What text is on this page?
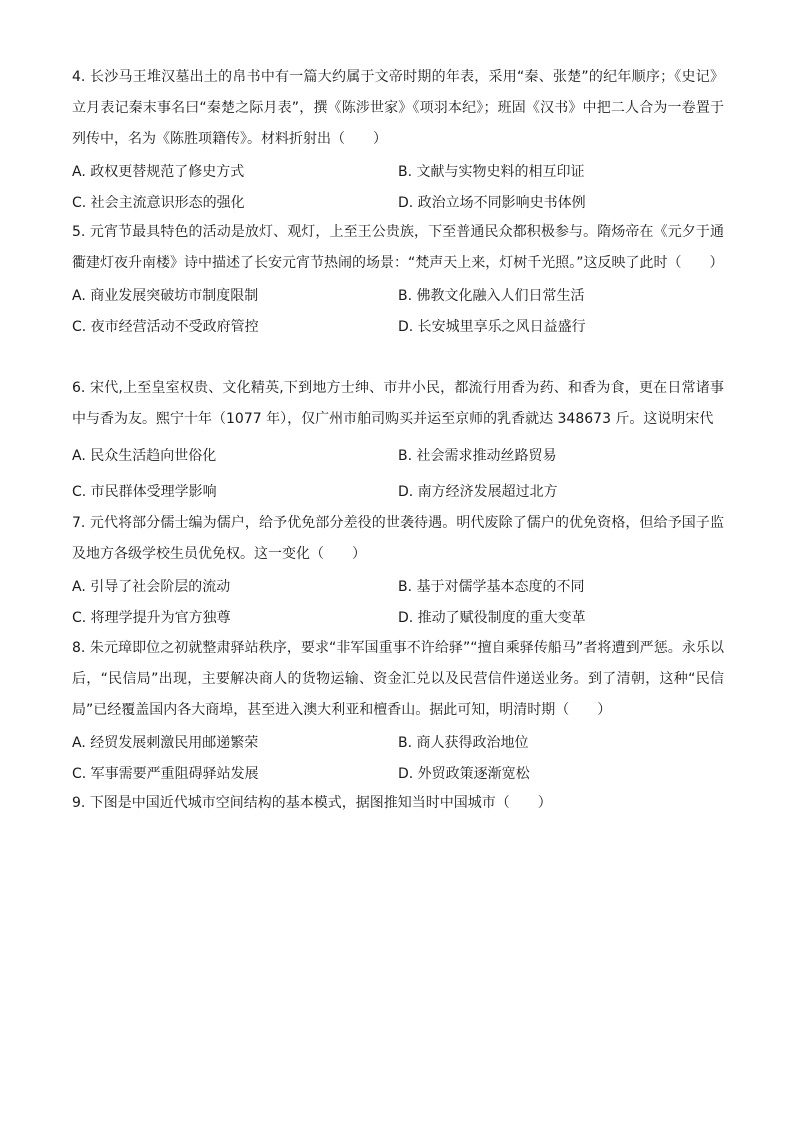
4. 长沙马王堆汉墓出土的帛书中有一篇大约属于文帝时期的年表，采用“秦、张楚”的纪年顺序；《史记》立月表记秦末事名曰“秦楚之际月表”，撰《陈涉世家》《项羽本纪》；班固《汉书》中把二人合为一卷置于列传中，名为《陈胜项籍传》。材料折射出（　　）

A. 政权更替规范了修史方式	B. 文献与实物史料的相互印证
C. 社会主流意识形态的强化	D. 政治立场不同影响史书体例

5. 元宵节最具特色的活动是放灯、观灯，上至王公贵族，下至普通民众都积极参与。隋炀帝在《元夕于通衢建灯夜升南楼》诗中描述了长安元宵节热闹的场景：“梵声天上来，灯树千光照。”这反映了此时（　　）

A. 商业发展突破坊市制度限制	B. 佛教文化融入人们日常生活
C. 夜市经营活动不受政府管控	D. 长安城里享乐之风日益盛行

6. 宋代,上至皇室权贵、文化精英,下到地方士绅、市井小民，都流行用香为药、和香为食，更在日常诸事中与香为友。熙宁十年（1077 年），仅广州市舶司购买并运至京师的乳香就达 348673 斤。这说明宋代

A. 民众生活趋向世俗化	B. 社会需求推动丝路贸易
C. 市民群体受理学影响	D. 南方经济发展超过北方

7. 元代将部分儒士编为儒户，给予优免部分差役的世袭待遇。明代废除了儒户的优免资格，但给予国子监及地方各级学校生员优免权。这一变化（　　）

A. 引导了社会阶层的流动	B. 基于对儒学基本态度的不同
C. 将理学提升为官方独尊	D. 推动了赋役制度的重大变革

8. 朱元璋即位之初就整肃驿站秩序，要求“非军国重事不许给驿”“擅自乘驿传船马”者将遭到严惩。永乐以后，“民信局”出现，主要解决商人的货物运输、资金汇兑以及民营信件递送业务。到了清朝，这种“民信局”已经覆盖国内各大商埠，甚至进入澳大利亚和檀香山。据此可知，明清时期（　　）

A. 经贸发展刺激民用邮递繁荣	B. 商人获得政治地位
C. 军事需要严重阻碍驿站发展	D. 外贸政策逐渐宽松

9. 下图是中国近代城市空间结构的基本模式，据图推知当时中国城市（　　）
